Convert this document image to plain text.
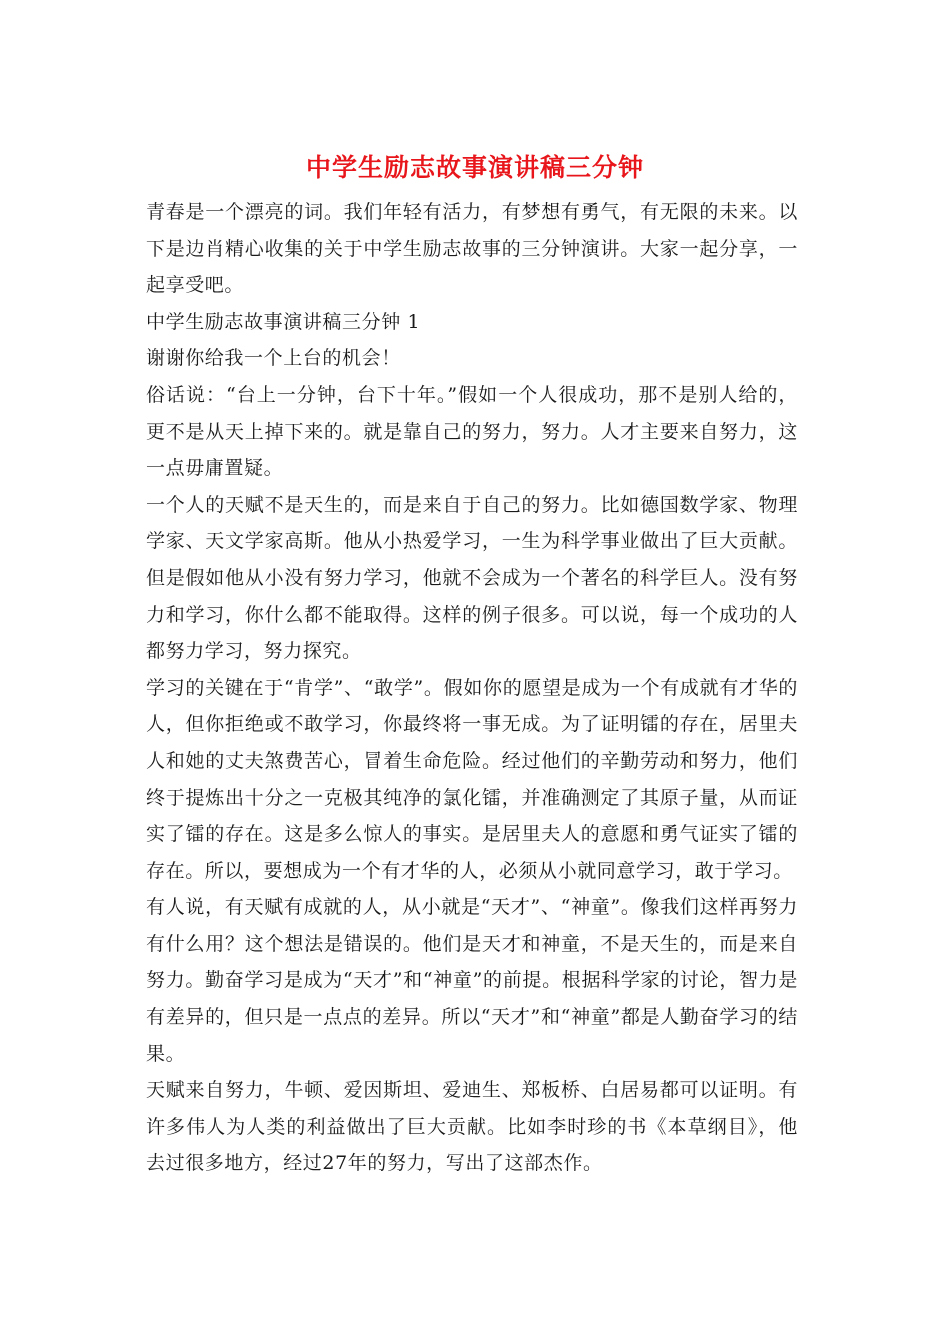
中学生励志故事演讲稿三分钟

青春是一个漂亮的词。我们年轻有活力，有梦想有勇气，有无限的未来。以下是边肖精心收集的关于中学生励志故事的三分钟演讲。大家一起分享，一起享受吧。

中学生励志故事演讲稿三分钟 1

谢谢你给我一个上台的机会！

俗话说：“台上一分钟，台下十年。”假如一个人很成功，那不是别人给的，更不是从天上掉下来的。就是靠自己的努力，努力。人才主要来自努力，这一点毋庸置疑。

一个人的天赋不是天生的，而是来自于自己的努力。比如德国数学家、物理学家、天文学家高斯。他从小热爱学习，一生为科学事业做出了巨大贡献。但是假如他从小没有努力学习，他就不会成为一个著名的科学巨人。没有努力和学习，你什么都不能取得。这样的例子很多。可以说，每一个成功的人都努力学习，努力探究。

学习的关键在于“肯学”、“敢学”。假如你的愿望是成为一个有成就有才华的人，但你拒绝或不敢学习，你最终将一事无成。为了证明镭的存在，居里夫人和她的丈夫煞费苦心，冒着生命危险。经过他们的辛勤劳动和努力，他们终于提炼出十分之一克极其纯净的氯化镭，并准确测定了其原子量，从而证实了镭的存在。这是多么惊人的事实。是居里夫人的意愿和勇气证实了镭的存在。所以，要想成为一个有才华的人，必须从小就同意学习，敢于学习。

有人说，有天赋有成就的人，从小就是“天才”、“神童”。像我们这样再努力有什么用？这个想法是错误的。他们是天才和神童，不是天生的，而是来自努力。勤奋学习是成为“天才”和“神童”的前提。根据科学家的讨论，智力是有差异的，但只是一点点的差异。所以“天才”和“神童”都是人勤奋学习的结果。

天赋来自努力，牛顿、爱因斯坦、爱迪生、郑板桥、白居易都可以证明。有许多伟人为人类的利益做出了巨大贡献。比如李时珍的书《本草纲目》，他去过很多地方，经过27年的努力，写出了这部杰作。
